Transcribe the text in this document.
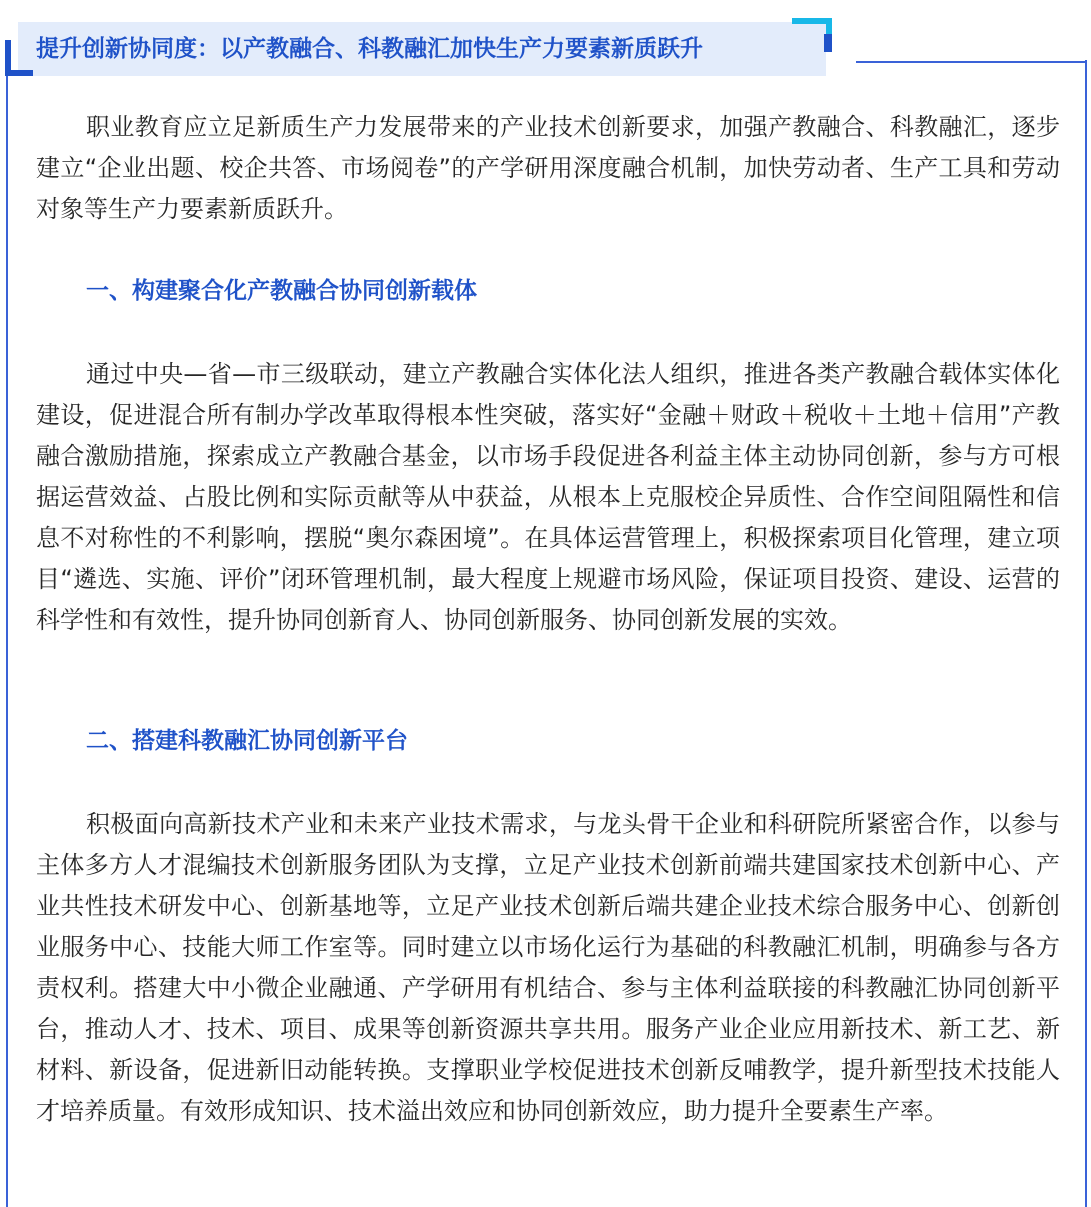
提升创新协同度：以产教融合、科教融汇加快生产力要素新质跃升

职业教育应立足新质生产力发展带来的产业技术创新要求，加强产教融合、科教融汇，逐步建立“企业出题、校企共答、市场阅卷”的产学研用深度融合机制，加快劳动者、生产工具和劳动对象等生产力要素新质跃升。

一、构建聚合化产教融合协同创新载体

通过中央—省—市三级联动，建立产教融合实体化法人组织，推进各类产教融合载体实体化建设，促进混合所有制办学改革取得根本性突破，落实好“金融＋财政＋税收＋土地＋信用”产教融合激励措施，探索成立产教融合基金，以市场手段促进各利益主体主动协同创新，参与方可根据运营效益、占股比例和实际贡献等从中获益，从根本上克服校企异质性、合作空间阻隔性和信息不对称性的不利影响，摆脱“奥尔森困境”。在具体运营管理上，积极探索项目化管理，建立项目“遴选、实施、评价”闭环管理机制，最大程度上规避市场风险，保证项目投资、建设、运营的科学性和有效性，提升协同创新育人、协同创新服务、协同创新发展的实效。

二、搭建科教融汇协同创新平台

积极面向高新技术产业和未来产业技术需求，与龙头骨干企业和科研院所紧密合作，以参与主体多方人才混编技术创新服务团队为支撑，立足产业技术创新前端共建国家技术创新中心、产业共性技术研发中心、创新基地等，立足产业技术创新后端共建企业技术综合服务中心、创新创业服务中心、技能大师工作室等。同时建立以市场化运行为基础的科教融汇机制，明确参与各方责权利。搭建大中小微企业融通、产学研用有机结合、参与主体利益联接的科教融汇协同创新平台，推动人才、技术、项目、成果等创新资源共享共用。服务产业企业应用新技术、新工艺、新材料、新设备，促进新旧动能转换。支撑职业学校促进技术创新反哺教学，提升新型技术技能人才培养质量。有效形成知识、技术溢出效应和协同创新效应，助力提升全要素生产率。
